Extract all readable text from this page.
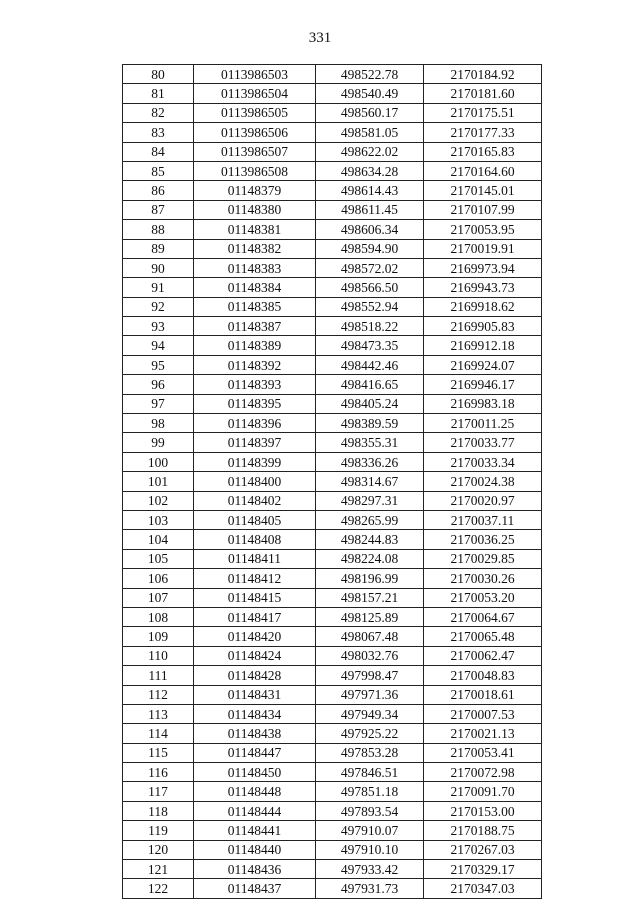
331
80	0113986503	498522.78	2170184.92
81	0113986504	498540.49	2170181.60
82	0113986505	498560.17	2170175.51
83	0113986506	498581.05	2170177.33
84	0113986507	498622.02	2170165.83
85	0113986508	498634.28	2170164.60
86	01148379	498614.43	2170145.01
87	01148380	498611.45	2170107.99
88	01148381	498606.34	2170053.95
89	01148382	498594.90	2170019.91
90	01148383	498572.02	2169973.94
91	01148384	498566.50	2169943.73
92	01148385	498552.94	2169918.62
93	01148387	498518.22	2169905.83
94	01148389	498473.35	2169912.18
95	01148392	498442.46	2169924.07
96	01148393	498416.65	2169946.17
97	01148395	498405.24	2169983.18
98	01148396	498389.59	2170011.25
99	01148397	498355.31	2170033.77
100	01148399	498336.26	2170033.34
101	01148400	498314.67	2170024.38
102	01148402	498297.31	2170020.97
103	01148405	498265.99	2170037.11
104	01148408	498244.83	2170036.25
105	01148411	498224.08	2170029.85
106	01148412	498196.99	2170030.26
107	01148415	498157.21	2170053.20
108	01148417	498125.89	2170064.67
109	01148420	498067.48	2170065.48
110	01148424	498032.76	2170062.47
111	01148428	497998.47	2170048.83
112	01148431	497971.36	2170018.61
113	01148434	497949.34	2170007.53
114	01148438	497925.22	2170021.13
115	01148447	497853.28	2170053.41
116	01148450	497846.51	2170072.98
117	01148448	497851.18	2170091.70
118	01148444	497893.54	2170153.00
119	01148441	497910.07	2170188.75
120	01148440	497910.10	2170267.03
121	01148436	497933.42	2170329.17
122	01148437	497931.73	2170347.03
